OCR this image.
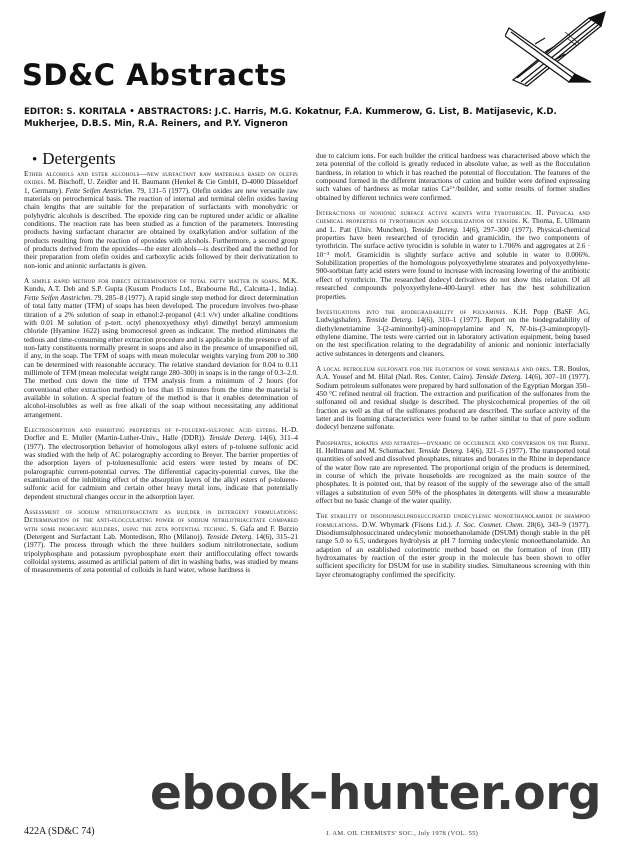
SD&C Abstracts
EDITOR: S. KORITALA • ABSTRACTORS: J.C. Harris, M.G. Kokatnur, F.A. Kummerow, G. List, B. Matijasevic, K.D. Mukherjee, D.B.S. Min, R.A. Reiners, and P.Y. Vigneron
• Detergents
Ether alcohols and ester alcohols—new surfactant raw materials based on olefin oxides. M. Bischoff, U. Zeidler and H. Baumann (Henkel & Cie GmbH, D-4000 Düsseldorf 1, Germany). Fette Seifen Anstrichm. 79, 131–5 (1977). Olefin oxides are new versatile raw materials on petrochemical basis. The reaction of internal and terminal olefin oxides having chain lengths that are suitable for the preparation of surfactants with monohydric or polyhydric alcohols is described. The epoxide ring can be ruptured under acidic or alkaline conditions. The reaction rate has been studied as a function of the parameters. Interesting products having surfactant character are obtained by oxalkylation and/or sulfation of the products resulting from the reaction of epoxides with alcohols. Furthermore, a second group of products derived from the epoxides—the ester alcohols—is described and the method for their preparation from olefin oxides and carboxylic acids followed by their derivatization to non-ionic and anionic surfactants is given.
A simple rapid method for direct determination of total fatty matter in soaps. M.K. Kundu, A.T. Deb and S.P. Gupta (Kusum Products Ltd., Brabourne Rd., Calcutta-1, India). Fette Seifen Anstrichm. 79, 285–8 (1977). A rapid single step method for direct determination of total fatty matter (TFM) of soaps has been developed. The procedure involves two-phase titration of a 2% solution of soap in ethanol:2-propanol (4:1 v/v) under alkaline conditions with 0.01 M solution of p-tert. octyl phenoxyethoxy ethyl dimethyl benzyl ammonium chloride (Hyamine 1622) using bromocresol green as indicator. The method eliminates the tedious and time-consuming ether extraction procedure and is applicable in the presence of all non-fatty constituents normally present in soaps and also in the presence of unsaponified oil, if any, in the soap. The TFM of soaps with mean molecular weights varying from 200 to 300 can be determined with reasonable accuracy. The relative standard deviation for 0.04 to 0.11 millimole of TFM (mean molecular weight range 280–300) in soaps is in the range of 0.3–2.0. The method cuts down the time of TFM analysis from a minimum of 2 hours (for conventional ether extraction method) to less than 15 minutes from the time the material is available in solution. A special feature of the method is that it enables determination of alcohol-insolubles as well as free alkali of the soap without necessitating any additional arrangement.
Electrosorption and inhibiting properties of p-toluene-sulfonic acid esters. H.-D. Dorfler and E. Muller (Martin-Luther-Univ., Halle (DDR)). Tenside Deterg. 14(6), 311–4 (1977). The electrosorption behavior of homologous alkyl esters of p-toluene sulfonic acid was studied with the help of AC polarography according to Breyer. The barrier properties of the adsorption layers of p-toluenesulfonic acid esters were tested by means of DC polarographic current-potential curves. The differential capacity-potential curves, like the examination of the inhibiting effect of the absorption layers of the alkyl esters of p-toluene-sulfonic acid for cadmium and certain other heavy metal ions, indicate that potentially dependent structural changes occur in the adsorption layer.
Assessment of sodium nitrilotriacetate as builder in detergent formulations: Determination of the anti-flocculating power of sodium nitrilotriacetate compared with some inorganic builders, using the zeta potential technic. S. Gafa and F. Burzio (Detergent and Surfactant Lab. Montedison, Rho (Milano)). Tenside Deterg. 14(6), 315–21 (1977). The process through which the three builders sodium nitrilotronectate, sodium tripolyphosphate and potassium pyrophosphate exert their antiflocculating effect towards colloidal systems, assumed as artificial pattern of dirt in washing baths, was studied by means of measurements of zeta potential of colloids in hard water, whose hardness is
due to calcium ions. For each builder the critical hardness was characterised above which the zeta potential of the colloid is greatly reduced in absolute value, as well as the flocculation hardness, in relation to which it has reached the potential of flocculation. The features of the compound formed in the different interactions of cation and builder were defined expressing such values of hardness as molar ratios Ca²⁺/builder, and some results of former studies obtained by different technics were confirmed.
Interactions of nonionic surface active agents with tyrothricin. II. Physical and chemical properties of tyrothricin and solubilization of tenside. K. Thoma, E. Ullmann and L. Patt (Univ. Munchen). Tenside Deterg. 14(6), 297–300 (1977). Physical-chemical properties have been researched of tyrocidin and gramicidin, the two components of tyrothricin. The surface active tyrocidin is soluble in water to 1.706% and aggregates at 2.6 · 10⁻³ mol/l. Gramicidin is slightly surface active and soluble in water to 0.006%. Solubilization properties of the homologous polyoxyethylene stearates and polyoxyethylene-900-sorbitan fatty acid esters were found to increase with increasing lowering of the antibiotic effect of tyrothricin. The researched dodecyl derivatives do not show this relation. Of all researched compounds polyoxyethylene-400-lauryl ether has the best solubilization properties.
Investigations into the biodegradability of polyamines. K.H. Popp (BaSF AG, Ludwigshafen). Tenside Deterg. 14(6), 310–1 (1977). Report on the biodegradability of diethylenetriamine 3-(2-aminoethyl)-aminopropylamine and N, N'-bis-(3-aminopropyl)-ethylene diamine. The tests were carried out in laboratory activation equipment, being based on the test specification relating to the degradability of anionic and nonionic interfacially active substances in detergents and cleaners.
A local petroleum sulfonate for the flotation of some minerals and ores. T.R. Boulos, A.A. Yousef and M. Hilal (Natl. Res. Center, Cairo). Tenside Deterg. 14(6), 307–10 (1977). Sodium petroleum sulfonates were prepared by hard sulfonation of the Egyptian Morgan 350–450 °C refined neutral oil fraction. The extraction and purification of the sulfonates from the sulfonated oil and residual sludge is described. The physicochemical properties of the oil fraction as well as that of the sulfonates produced are described. The surface activity of the latter and its foaming characteristics were found to be rather similar to that of pure sodium dodecyl benzene sulfonate.
Phosphates, borates and nitrates—dynamic of occurence and conversion on the Rhine. H. Hellmann and M. Schumacher. Tenside Deterg. 14(6), 321–5 (1977). The transported total quantities of solved and dissolved phosphates, nitrates and borates in the Rhine in dependance of the water flow rate are represented. The proportional origin of the products is determined, in course of which the private households are recognized as the main source of the phosphates. It is pointed out, that by reason of the supply of the sewerage also of the small villages a substitution of even 50% of the phosphates in detergents will show a measurable effect but no basic change of the water quality.
The stability of disodiumsulphosuccinated undecylenic monoethanolamide in shampoo formulations. D.W. Whymark (Fisons Ltd.). J. Soc. Cosmet. Chem. 28(6), 343–9 (1977). Disodiumsulphosuccinated undecylenic monoethanolamide (DSUM) though stable in the pH range 5.0 to 6.5, undergoes hydrolysis at pH 7 forming undecylenic monoethanolamide. An adaption of an established colorimetric method based on the formation of iron (III) hydroxamates by reaction of the ester group in the molecule has been shown to offer sufficient specificity for DSUM for use in stability studies. Simultaneous screening with thin layer chromatography confirmed the specificity.
422A (SD&C 74)	J. AM. OIL CHEMISTS' SOC., July 1978 (VOL. 55)
ebook-hunter.org
